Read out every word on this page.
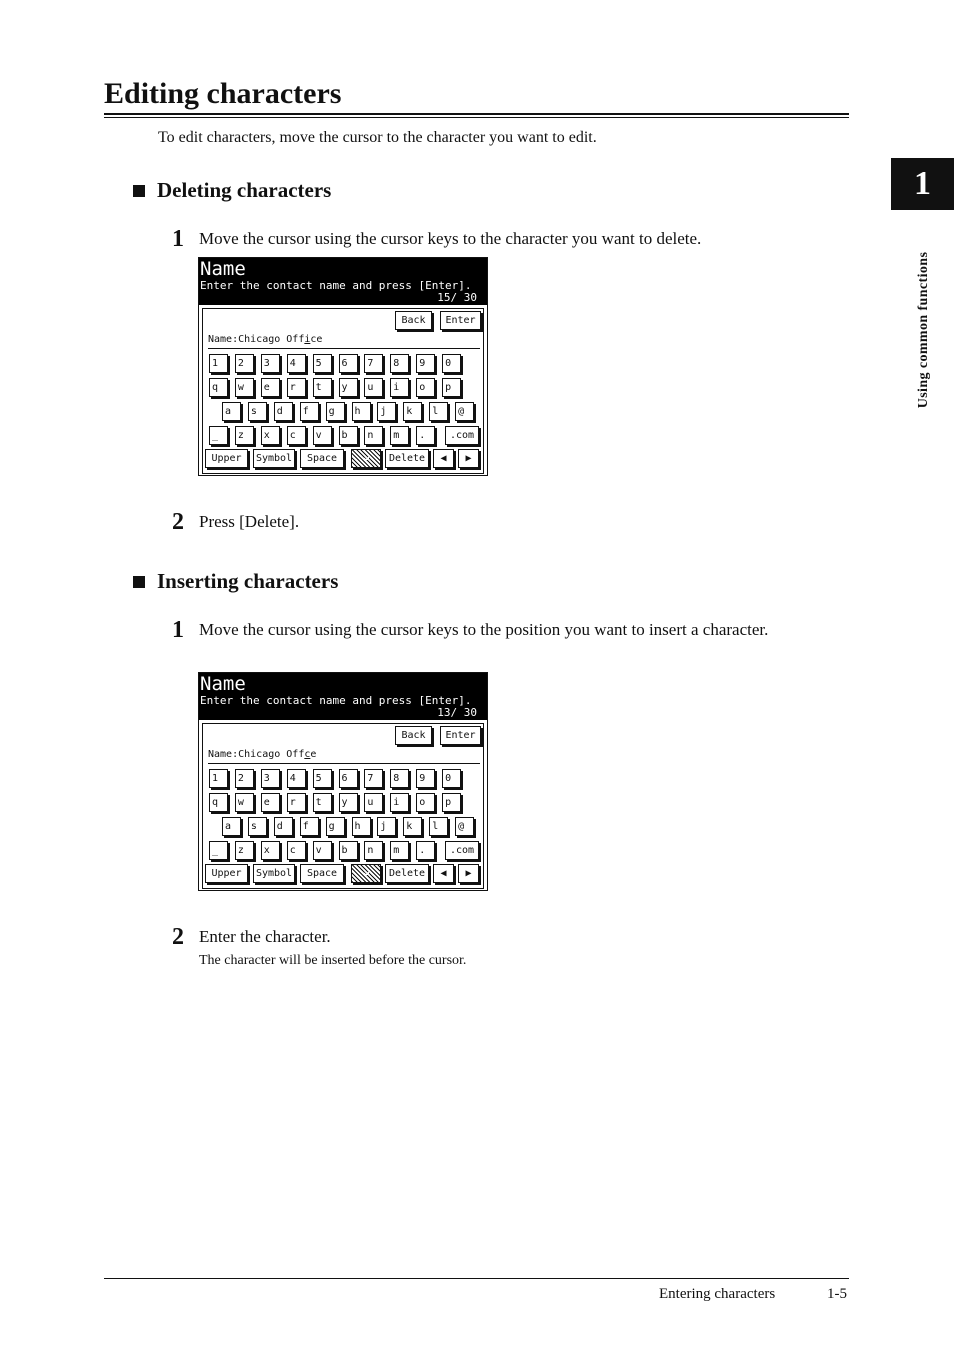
Editing characters
To edit characters, move the cursor to the character you want to edit.
1
Using common functions
Deleting characters
1 Move the cursor using the cursor keys to the character you want to delete.
Name
Enter the contact name and press [Enter].
15/ 30
Back	Enter
Name:Chicago Office
1	2	3	4	5	6	7	8	9	0
q	w	e	r	t	y	u	i	o	p
a	s	d	f	g	h	j	k	l	@
_	z	x	c	v	b	n	m	.	.com
Upper	Symbol	Space	↵	Delete	◀	▶
2 Press [Delete].
Inserting characters
1 Move the cursor using the cursor keys to the position you want to insert a character.
Name
Enter the contact name and press [Enter].
13/ 30
Back	Enter
Name:Chicago Offce
1	2	3	4	5	6	7	8	9	0
q	w	e	r	t	y	u	i	o	p
a	s	d	f	g	h	j	k	l	@
_	z	x	c	v	b	n	m	.	.com
Upper	Symbol	Space	↵	Delete	◀	▶
2 Enter the character.
The character will be inserted before the cursor.
Entering characters	1-5
